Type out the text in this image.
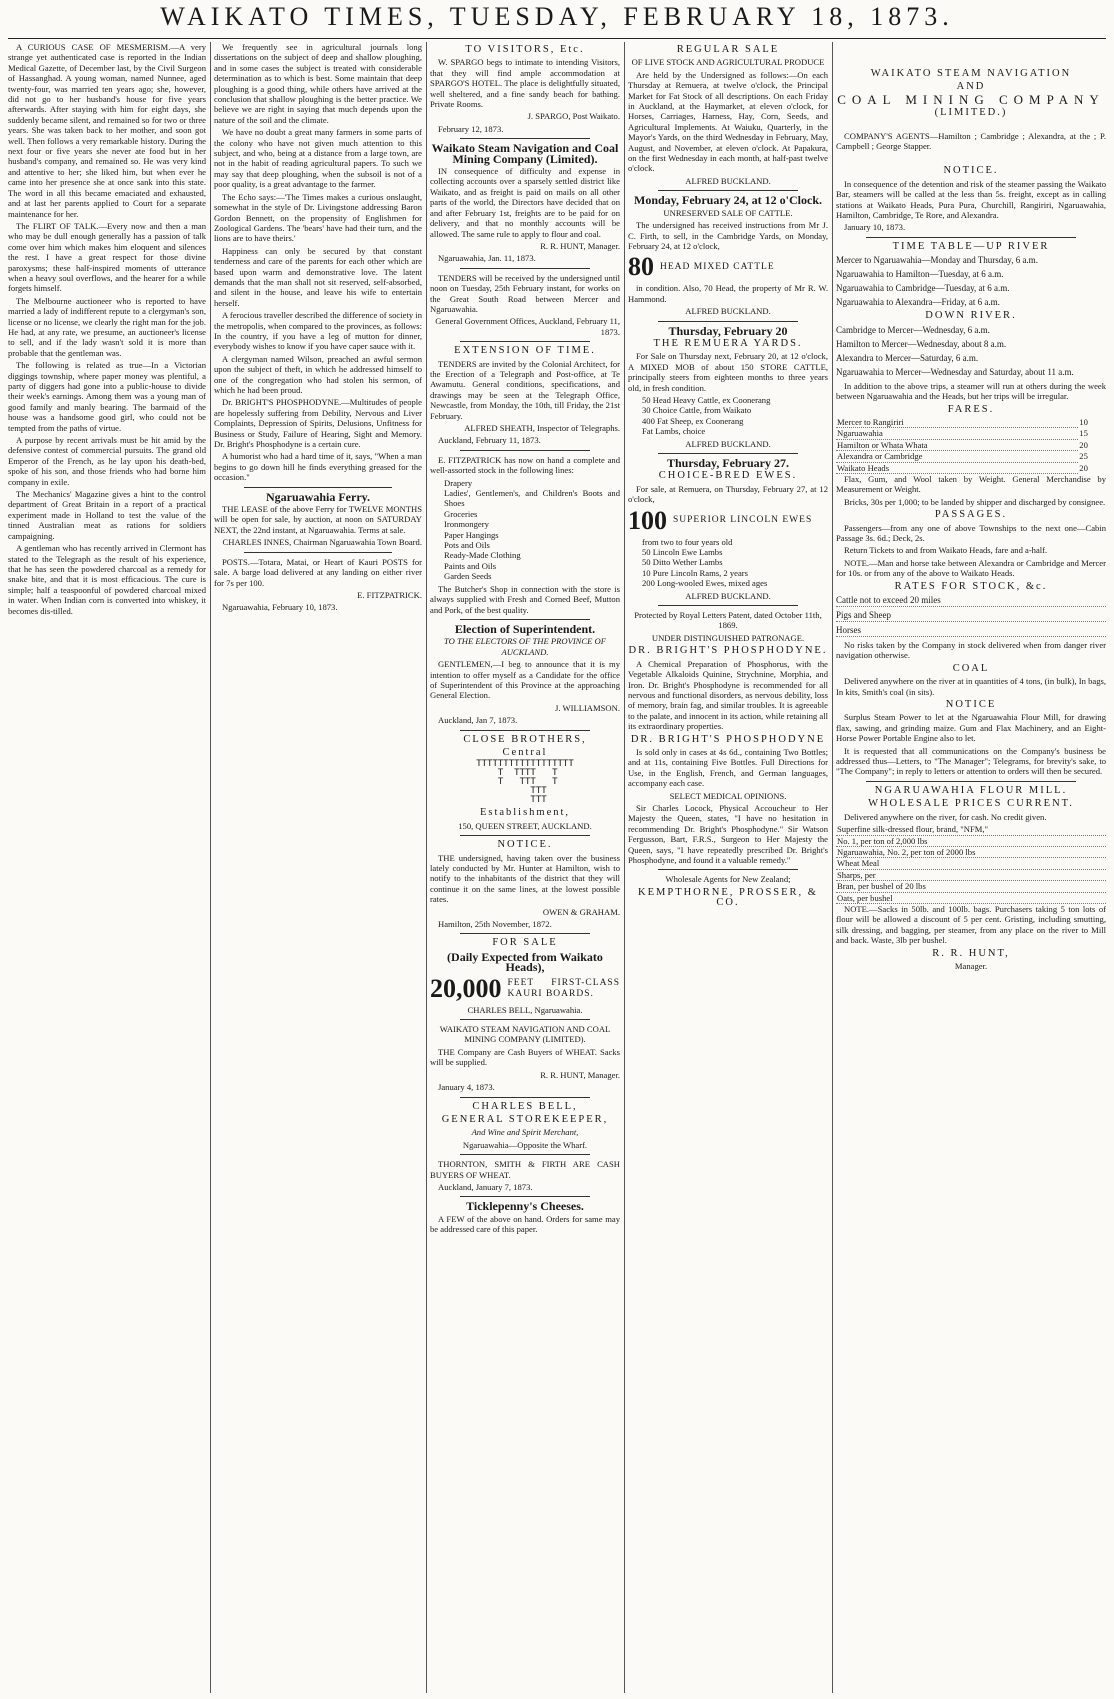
WAIKATO TIMES, TUESDAY, FEBRUARY 18, 1873.

A CURIOUS CASE OF MESMERISM.—A very strange yet authenticated case is reported in the Indian Medical Gazette, of December last, by the Civil Surgeon of Hassanghad. A young woman, named Nunnee, aged twenty-four, was married ten years ago; she, however, did not go to her husband's house for five years afterwards. After staying with him for eight days, she suddenly became silent, and remained so for two or three years. She was taken back to her mother, and soon got well. Then follows a very remarkable history. During the next four or five years she never ate food but in her husband's company, and remained so. He was very kind and attentive to her; she liked him, but when ever he came into her presence she at once sank into this state. The word in all this became emaciated and exhausted, and at last her parents applied to Court for a separate maintenance for her.

The FLIRT OF TALK.—Every now and then a man who may be dull enough generally has a passion of talk come over him which makes him eloquent and silences the rest. I have a great respect for those divine paroxysms; these half-inspired moments of utterance when a heavy soul overflows, and the hearer for a while forgets himself.

The Melbourne auctioneer who is reported to have married a lady of indifferent repute to a clergyman's son, license or no license, we clearly the right man for the job. He had, at any rate, we presume, an auctioneer's license to sell, and if the lady wasn't sold it is more than probable that the gentleman was.

The following is related as true—In a Victorian diggings township, where paper money was plentiful, a party of diggers had gone into a public-house to divide their week's earnings. Among them was a young man of good family and manly bearing. The barmaid of the house was a handsome good girl, who could not be tempted from the paths of virtue.

A purpose by recent arrivals must be hit amid by the defensive contest of commercial pursuits. The grand old Emperor of the French, as he lay upon his death-bed, spoke of his son, and those friends who had borne him company in exile.

The Mechanics' Magazine gives a hint to the control department of Great Britain in a report of a practical experiment made in Holland to test the value of the tinned Australian meat as rations for soldiers campaigning.

A gentleman who has recently arrived in Clermont has stated to the Telegraph as the result of his experience, that he has seen the powdered charcoal as a remedy for snake bite, and that it is most efficacious. The cure is simple; half a teaspoonful of powdered charcoal mixed in water. When Indian corn is converted into whiskey, it becomes dis-tilled.

We frequently see in agricultural journals long dissertations on the subject of deep and shallow ploughing, and in some cases the subject is treated with considerable determination as to which is best. Some maintain that deep ploughing is a good thing, while others have arrived at the conclusion that shallow ploughing is the better practice. We believe we are right in saying that much depends upon the nature of the soil and the climate.

We have no doubt a great many farmers in some parts of the colony who have not given much attention to this subject, and who, being at a distance from a large town, are not in the habit of reading agricultural papers. To such we may say that deep ploughing, when the subsoil is not of a poor quality, is a great advantage to the farmer.

The Echo says:—'The Times makes a curious onslaught, somewhat in the style of Dr. Livingstone addressing Baron Gordon Bennett, on the propensity of Englishmen for Zoological Gardens. The 'bears' have had their turn, and the lions are to have theirs.'

Happiness can only be secured by that constant tenderness and care of the parents for each other which are based upon warm and demonstrative love. The latent demands that the man shall not sit reserved, self-absorbed, and silent in the house, and leave his wife to entertain herself.

A ferocious traveller described the difference of society in the metropolis, when compared to the provinces, as follows: In the country, if you have a leg of mutton for dinner, everybody wishes to know if you have caper sauce with it.

A clergyman named Wilson, preached an awful sermon upon the subject of theft, in which he addressed himself to one of the congregation who had stolen his sermon, of which he had been proud.

Dr. BRIGHT'S PHOSPHODYNE.—Multitudes of people are hopelessly suffering from Debility, Nervous and Liver Complaints, Depression of Spirits, Delusions, Unfitness for Business or Study, Failure of Hearing, Sight and Memory. Dr. Bright's Phosphodyne is a certain cure.

A humorist who had a hard time of it, says, "When a man begins to go down hill he finds everything greased for the occasion."

Ngaruawahia Ferry.

THE LEASE of the above Ferry for TWELVE MONTHS will be open for sale, by auction, at noon on SATURDAY NEXT, the 22nd instant, at Ngaruawahia. Terms at sale.

CHARLES INNES, Chairman Ngaruawahia Town Board.

POSTS.—Totara, Matai, or Heart of Kauri POSTS for sale. A barge load delivered at any landing on either river for 7s per 100.

E. FITZPATRICK.

Ngaruawahia, February 10, 1873.

TO VISITORS, Etc.

W. SPARGO begs to intimate to intending Visitors, that they will find ample accommodation at SPARGO'S HOTEL. The place is delightfully situated, well sheltered, and a fine sandy beach for bathing. Private Rooms.

J. SPARGO, Post Waikato.

February 12, 1873.

Waikato Steam Navigation and Coal Mining Company (Limited).

IN consequence of difficulty and expense in collecting accounts over a sparsely settled district like Waikato, and as freight is paid on mails on all other parts of the world, the Directors have decided that on and after February 1st, freights are to be paid for on delivery, and that no monthly accounts will be allowed. The same rule to apply to flour and coal.

R. R. HUNT, Manager.

Ngaruawahia, Jan. 11, 1873.

TENDERS will be received by the undersigned until noon on Tuesday, 25th February instant, for works on the Great South Road between Mercer and Ngaruawahia.

General Government Offices, Auckland, February 11, 1873.

EXTENSION OF TIME.

TENDERS are invited by the Colonial Architect, for the Erection of a Telegraph and Post-office, at Te Awamutu. General conditions, specifications, and drawings may be seen at the Telegraph Office, Newcastle, from Monday, the 10th, till Friday, the 21st February.

ALFRED SHEATH, Inspector of Telegraphs.

Auckland, February 11, 1873.

E. FITZPATRICK has now on hand a complete and well-assorted stock in the following lines:

Drapery
Ladies', Gentlemen's, and Children's Boots and Shoes
Groceries
Ironmongery
Paper Hangings
Pots and Oils
Ready-Made Clothing
Paints and Oils
Garden Seeds

The Butcher's Shop in connection with the store is always supplied with Fresh and Corned Beef, Mutton and Pork, of the best quality.

Election of Superintendent.

TO THE ELECTORS OF THE PROVINCE OF AUCKLAND.

GENTLEMEN,—I beg to announce that it is my intention to offer myself as a Candidate for the office of Superintendent of this Province at the approaching General Election.

J. WILLIAMSON.

Auckland, Jan 7, 1873.

CLOSE BROTHERS,
Central
TTTTTTTTTTTTTTTTTT
T  TTTT   T
T   TTT   T
TTT
TTT
Establishment,

150, QUEEN STREET, AUCKLAND.

NOTICE.

THE undersigned, having taken over the business lately conducted by Mr. Hunter at Hamilton, wish to notify to the inhabitants of the district that they will continue it on the same lines, at the lowest possible rates.

OWEN & GRAHAM.

Hamilton, 25th November, 1872.

FOR SALE
(Daily Expected from Waikato Heads),
20,000 FEET FIRST-CLASS KAURI BOARDS.

CHARLES BELL, Ngaruawahia.

WAIKATO STEAM NAVIGATION AND COAL MINING COMPANY (LIMITED).

THE Company are Cash Buyers of WHEAT. Sacks will be supplied.

R. R. HUNT, Manager.

January 4, 1873.

CHARLES BELL,
GENERAL STOREKEEPER,

And Wine and Spirit Merchant,

Ngaruawahia—Opposite the Wharf.

THORNTON, SMITH & FIRTH ARE CASH BUYERS OF WHEAT.

Auckland, January 7, 1873.

Ticklepenny's Cheeses.

A FEW of the above on hand. Orders for same may be addressed care of this paper.

REGULAR SALE

OF LIVE STOCK AND AGRICULTURAL PRODUCE

Are held by the Undersigned as follows:—On each Thursday at Remuera, at twelve o'clock, the Principal Market for Fat Stock of all descriptions. On each Friday in Auckland, at the Haymarket, at eleven o'clock, for Horses, Carriages, Harness, Hay, Corn, Seeds, and Agricultural Implements. At Waiuku, Quarterly, in the Mayor's Yards, on the third Wednesday in February, May, August, and November, at eleven o'clock. At Papakura, on the first Wednesday in each month, at half-past twelve o'clock.

ALFRED BUCKLAND.

Monday, February 24, at 12 o'Clock.

UNRESERVED SALE OF CATTLE.

The undersigned has received instructions from Mr J. C. Firth, to sell, in the Cambridge Yards, on Monday, February 24, at 12 o'clock,

80 HEAD MIXED CATTLE

in condition. Also, 70 Head, the property of Mr R. W. Hammond.

ALFRED BUCKLAND.

Thursday, February 20
THE REMUERA YARDS.

For Sale on Thursday next, February 20, at 12 o'clock, A MIXED MOB of about 150 STORE CATTLE, principally steers from eighteen months to three years old, in fresh condition.

50 Head Heavy Cattle, ex Coonerang
30 Choice Cattle, from Waikato
400 Fat Sheep, ex Coonerang
Fat Lambs, choice

ALFRED BUCKLAND.

Thursday, February 27.
CHOICE-BRED EWES.

For sale, at Remuera, on Thursday, February 27, at 12 o'clock,

100 SUPERIOR LINCOLN EWES
from two to four years old
50 Lincoln Ewe Lambs
50 Ditto Wether Lambs
10 Pure Lincoln Rams, 2 years
200 Long-wooled Ewes, mixed ages

ALFRED BUCKLAND.

Protected by Royal Letters Patent, dated October 11th, 1869.

UNDER DISTINGUISHED PATRONAGE.

DR. BRIGHT'S PHOSPHODYNE.

A Chemical Preparation of Phosphorus, with the Vegetable Alkaloids Quinine, Strychnine, Morphia, and Iron. Dr. Bright's Phosphodyne is recommended for all nervous and functional disorders, as nervous debility, loss of memory, brain fag, and similar troubles. It is agreeable to the palate, and innocent in its action, while retaining all its extraordinary properties.

DR. BRIGHT'S PHOSPHODYNE

Is sold only in cases at 4s 6d., containing Two Bottles; and at 11s, containing Five Bottles. Full Directions for Use, in the English, French, and German languages, accompany each case.

SELECT MEDICAL OPINIONS.

Sir Charles Locock, Physical Accoucheur to Her Majesty the Queen, states, "I have no hesitation in recommending Dr. Bright's Phosphodyne." Sir Watson Fergusson, Bart, F.R.S., Surgeon to Her Majesty the Queen, says, "I have repeatedly prescribed Dr. Bright's Phosphodyne, and found it a valuable remedy."

Wholesale Agents for New Zealand;

KEMPTHORNE, PROSSER, & CO.
WAIKATO STEAM NAVIGATION
AND
COAL MINING COMPANY
(LIMITED.)

COMPANY'S AGENTS—Hamilton ; Cambridge ; Alexandra, at the ; P. Campbell ; George Stapper.

NOTICE.

In consequence of the detention and risk of the steamer passing the Waikato Bar, steamers will be called at the less than 5s. freight, except as in calling stations at Waikato Heads, Pura Pura, Churchill, Rangiriri, Ngaruawahia, Hamilton, Cambridge, Te Rore, and Alexandra.

January 10, 1873.

TIME TABLE—UP RIVER
Mercer to Ngaruawahia—Monday and Thursday, 6 a.m.
Ngaruawahia to Hamilton—Tuesday, at 6 a.m.
Ngaruawahia to Cambridge—Tuesday, at 6 a.m.
Ngaruawahia to Alexandra—Friday, at 6 a.m.
DOWN RIVER.
Cambridge to Mercer—Wednesday, 6 a.m.
Hamilton to Mercer—Wednesday, about 8 a.m.
Alexandra to Mercer—Saturday, 6 a.m.
Ngaruawahia to Mercer—Wednesday and Saturday, about 11 a.m.

In addition to the above trips, a steamer will run at others during the week between Ngaruawahia and the Heads, but her trips will be irregular.

FARES.
Mercer to Rangiriri	10
Ngaruawahia	15
Hamilton or Whata Whata	20
Alexandra or Cambridge	25
Waikato Heads	20

Flax, Gum, and Wool taken by Weight. General Merchandise by Measurement or Weight.

Bricks, 30s per 1,000; to be landed by shipper and discharged by consignee.

PASSAGES.

Passengers—from any one of above Townships to the next one—Cabin Passage 3s. 6d.; Deck, 2s.

Return Tickets to and from Waikato Heads, fare and a-half.

NOTE.—Man and horse take between Alexandra or Cambridge and Mercer for 10s. or from any of the above to Waikato Heads.

RATES FOR STOCK, &c.
Cattle not to exceed 20 miles
Pigs and Sheep
Horses

No risks taken by the Company in stock delivered when from danger river navigation otherwise.

COAL

Delivered anywhere on the river at in quantities of 4 tons, (in bulk), In bags, In kits, Smith's coal (in sits).

NOTICE

Surplus Steam Power to let at the Ngaruawahia Flour Mill, for drawing flax, sawing, and grinding maize. Gum and Flax Machinery, and an Eight-Horse Power Portable Engine also to let.

It is requested that all communications on the Company's business be addressed thus—Letters, to "The Manager"; Telegrams, for brevity's sake, to "The Company"; in reply to letters or attention to orders will then be secured.

NGARUAWAHIA FLOUR MILL.
WHOLESALE PRICES CURRENT.

Delivered anywhere on the river, for cash. No credit given.

Superfine silk-dressed flour, brand, "NFM,"
No. 1, per ton of 2,000 lbs
Ngaruawahia, No. 2, per ton of 2000 lbs
Wheat Meal
Sharps, per
Bran, per bushel of 20 lbs
Oats, per bushel

NOTE.—Sacks in 50lb. and 100lb. bags. Purchasers taking 5 ton lots of flour will be allowed a discount of 5 per cent. Gristing, including smutting, silk dressing, and bagging, per steamer, from any place on the river to Mill and back. Waste, 3lb per bushel.

R. R. HUNT,

Manager.
